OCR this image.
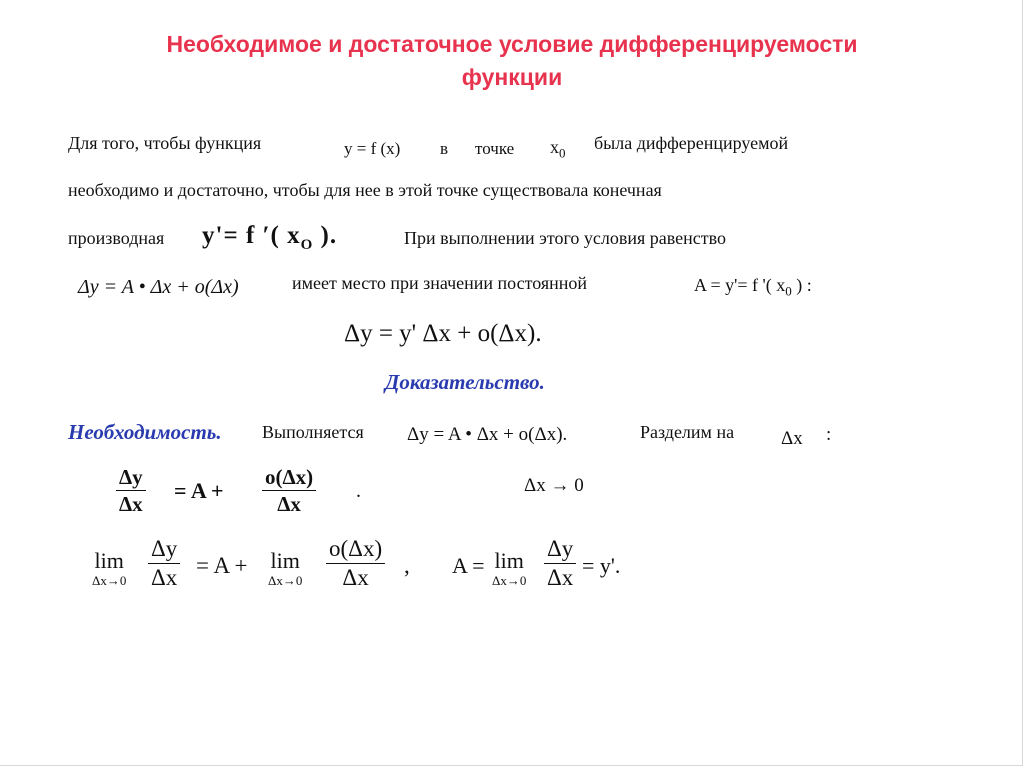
Необходимое и достаточное условие дифференцируемости
функции
Для того, чтобы функция	y = f (x) в точке $x_0$
была дифференцируемой
необходимо и достаточно, чтобы для нее в этой точке существовала конечная
производная y'= f ′( $x_O$ ).	При выполнении этого условия равенство
Δy = A • Δx + o(Δx)	имеет место при значении постоянной	A = y'= f '( $x_0$ ) :
Δy = y' Δx + o(Δx).
Доказательство.
Необходимость. Выполняется Δy = A • Δx + o(Δx).	Разделим на Δx :
Δy
Δx
= A +
o(Δx)
Δx
.	Δx → 0
lim
Δx→0
Δy
Δx = A + lim
Δx→0
o(Δx)
Δx , A = lim
Δx→0
Δy
Δx = y'.
